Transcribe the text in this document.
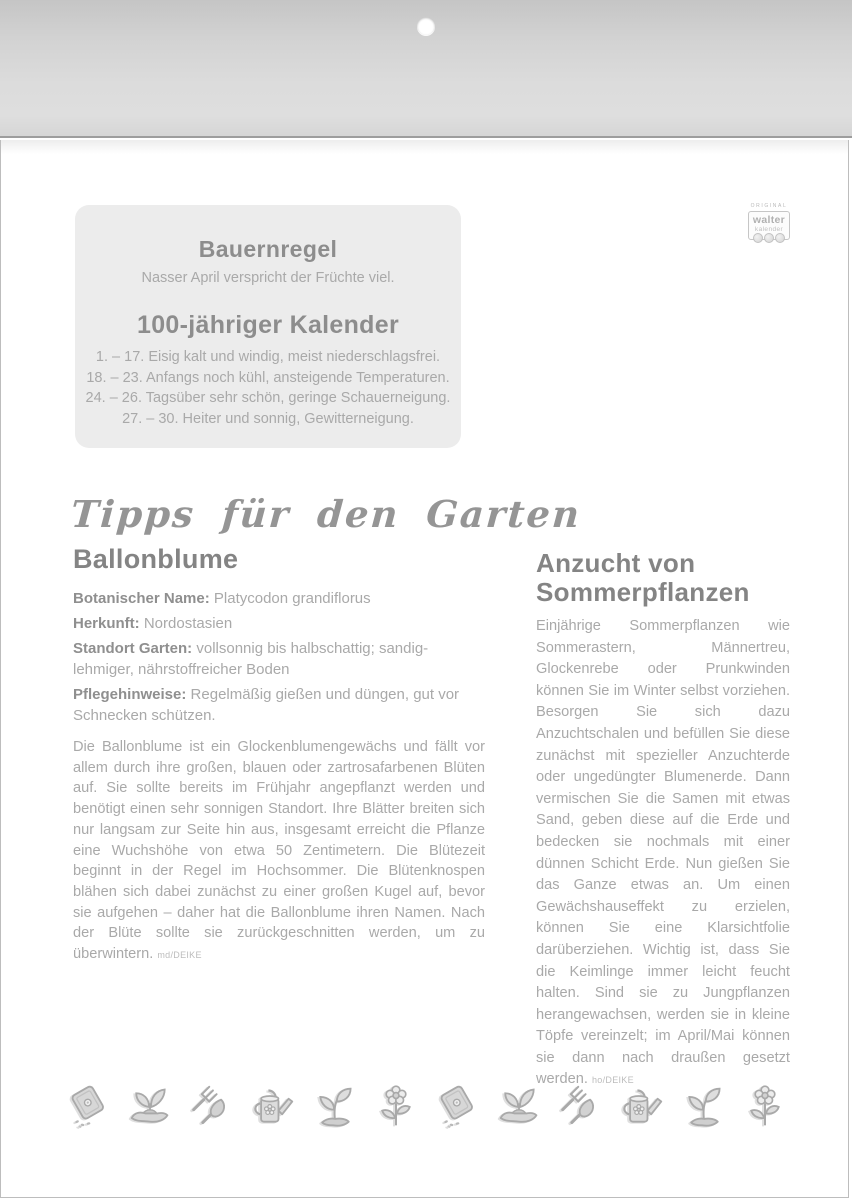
Bauernregel
Nasser April verspricht der Früchte viel.
100-jähriger Kalender

1. – 17. Eisig kalt und windig, meist niederschlagsfrei.

18. – 23. Anfangs noch kühl, ansteigende Temperaturen.

24. – 26. Tagsüber sehr schön, geringe Schauerneigung.

27. – 30. Heiter und sonnig, Gewitterneigung.

ORIGINAL
walter
kalender
Tipps für den Garten
Ballonblume

Botanischer Name: Platycodon grandiflorus

Herkunft: Nordostasien

Standort Garten: vollsonnig bis halbschattig; sandig-lehmiger, nährstoffreicher Boden

Pflegehinweise: Regelmäßig gießen und düngen, gut vor Schnecken schützen.

Die Ballonblume ist ein Glockenblumengewächs und fällt vor allem durch ihre großen, blauen oder zartrosafarbenen Blüten auf. Sie sollte bereits im Frühjahr angepflanzt werden und benötigt einen sehr sonnigen Standort. Ihre Blätter breiten sich nur langsam zur Seite hin aus, insgesamt erreicht die Pflanze eine Wuchshöhe von etwa 50 Zentimetern. Die Blütezeit beginnt in der Regel im Hochsommer. Die Blütenknospen blähen sich dabei zunächst zu einer großen Kugel auf, bevor sie aufgehen – daher hat die Ballonblume ihren Namen. Nach der Blüte sollte sie zurückgeschnitten werden, um zu überwintern. md/DEIKE

Anzucht von Sommerpflanzen

Einjährige Sommerpflanzen wie Sommerastern, Männertreu, Glockenrebe oder Prunkwinden können Sie im Winter selbst vorziehen. Besorgen Sie sich dazu Anzuchtschalen und befüllen Sie diese zunächst mit spezieller Anzuchterde oder ungedüngter Blumenerde. Dann vermischen Sie die Samen mit etwas Sand, geben diese auf die Erde und bedecken sie nochmals mit einer dünnen Schicht Erde. Nun gießen Sie das Ganze etwas an. Um einen Gewächshauseffekt zu erzielen, können Sie eine Klarsichtfolie darüberziehen. Wichtig ist, dass Sie die Keimlinge immer leicht feucht halten. Sind sie zu Jungpflanzen herangewachsen, werden sie in kleine Töpfe vereinzelt; im April/Mai können sie dann nach draußen gesetzt werden. ho/DEIKE
